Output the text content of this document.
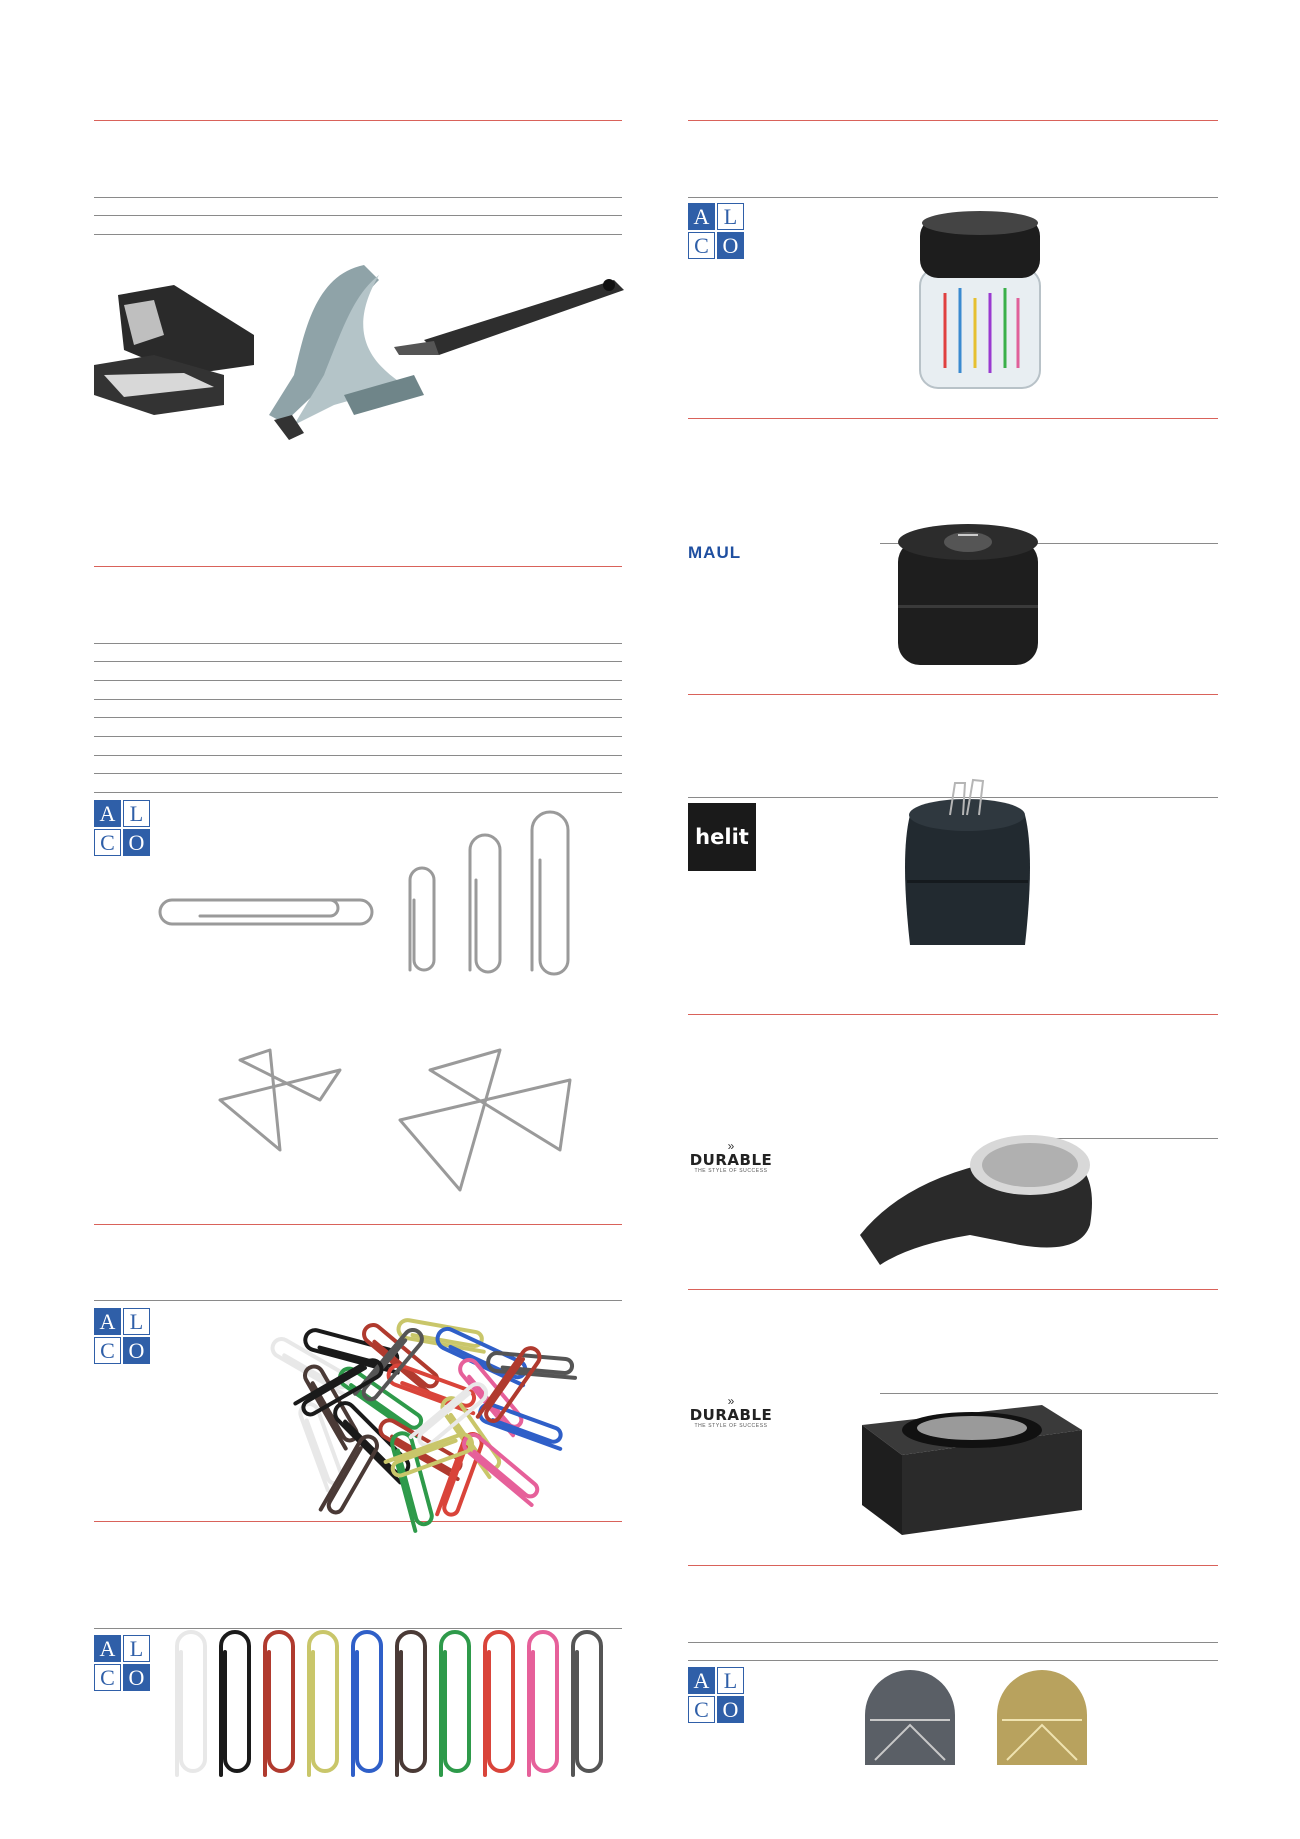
A L
C O
A L
C O
A L
C O
A L
C O
A L
C O
MAUL
helit
»
DURABLE
THE STYLE OF SUCCESS
»
DURABLE
THE STYLE OF SUCCESS
